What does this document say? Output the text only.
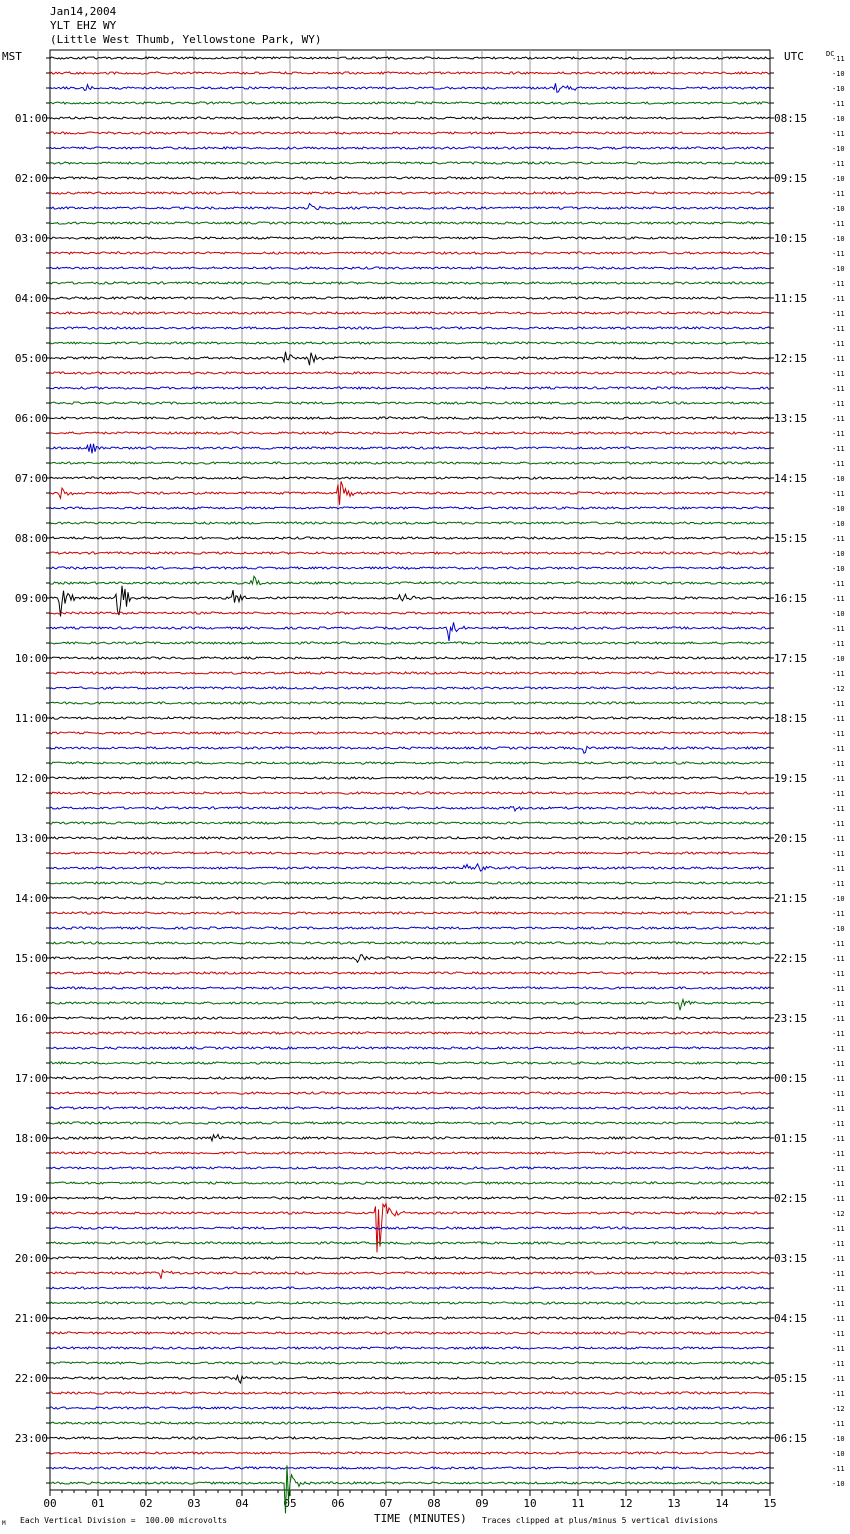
00	01	02	03	04	05	06	07	08	09	10	11	12	13	14	15
-11
-10
-10
-11
-10
-11
-10
-11
-10
-11
-10
-11
-10
-11
-10
-11
-11
-11
-11
-11
-11
-11
-11
-11
-11
-11
-11
-11
-10
-11
-10
-10
-11
-10
-10
-11
-11
-10
-11
-11
-10
-11
-12
-11
-11
-11
-11
-11
-11
-11
-11
-11
-11
-11
-11
-11
-10
-11
-10
-11
-11
-11
-11
-11
-11
-11
-11
-11
-11
-11
-11
-11
-11
-11
-11
-11
-11
-12
-11
-11
-11
-11
-11
-11
-11
-11
-11
-11
-11
-11
-12
-11
-10
-10
-11
-10
01:00
02:00
03:00
04:00
05:00
06:00
07:00
08:00
09:00
10:00
11:00
12:00
13:00
14:00
15:00
16:00
17:00
18:00
19:00
20:00
21:00
22:00
23:00
08:15
09:15
10:15
11:15
12:15
13:15
14:15
15:15
16:15
17:15
18:15
19:15
20:15
21:15
22:15
23:15
00:15
01:15
02:15
03:15
04:15
05:15
06:15
Jan14,2004
YLT EHZ WY
(Little West Thumb, Yellowstone Park, WY)
MST	UTC	DC
TIME (MINUTES)
Each Vertical Division =  100.00 microvolts	Traces clipped at plus/minus 5 vertical divisions
M
